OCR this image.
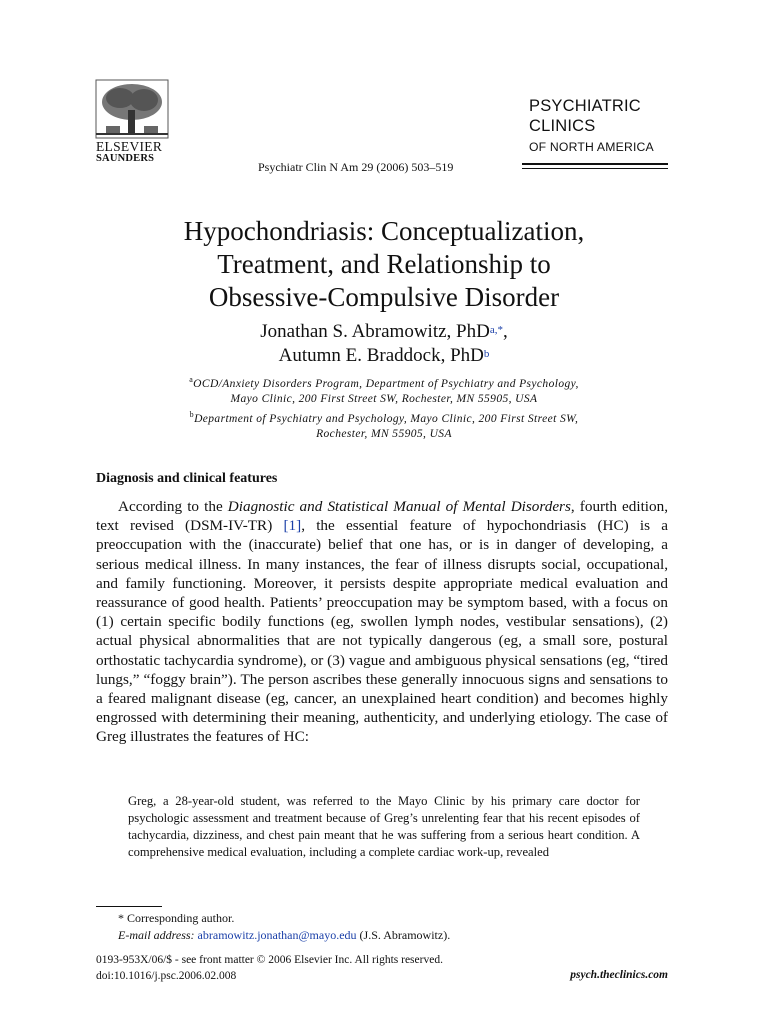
ELSEVIER
SAUNDERS
Psychiatr Clin N Am 29 (2006) 503–519
PSYCHIATRIC
CLINICS
OF NORTH AMERICA
Hypochondriasis: Conceptualization,
Treatment, and Relationship to
Obsessive-Compulsive Disorder
Jonathan S. Abramowitz, PhD$^{a,*}$,
Autumn E. Braddock, PhD$^b$
$^a$OCD/Anxiety Disorders Program, Department of Psychiatry and Psychology,
Mayo Clinic, 200 First Street SW, Rochester, MN 55905, USA
$^b$Department of Psychiatry and Psychology, Mayo Clinic, 200 First Street SW,
Rochester, MN 55905, USA
Diagnosis and clinical features
According to the Diagnostic and Statistical Manual of Mental Disorders, fourth edition, text revised (DSM-IV-TR) [1], the essential feature of hypochondriasis (HC) is a preoccupation with the (inaccurate) belief that one has, or is in danger of developing, a serious medical illness. In many instances, the fear of illness disrupts social, occupational, and family functioning. Moreover, it persists despite appropriate medical evaluation and reassurance of good health. Patients’ preoccupation may be symptom based, with a focus on (1) certain specific bodily functions (eg, swollen lymph nodes, vestibular sensations), (2) actual physical abnormalities that are not typically dangerous (eg, a small sore, postural orthostatic tachycardia syndrome), or (3) vague and ambiguous physical sensations (eg, “tired lungs,” “foggy brain”). The person ascribes these generally innocuous signs and sensations to a feared malignant disease (eg, cancer, an unexplained heart condition) and becomes highly engrossed with determining their meaning, authenticity, and underlying etiology. The case of Greg illustrates the features of HC:
Greg, a 28-year-old student, was referred to the Mayo Clinic by his primary care doctor for psychologic assessment and treatment because of Greg’s unrelenting fear that his recent episodes of tachycardia, dizziness, and chest pain meant that he was suffering from a serious heart condition. A comprehensive medical evaluation, including a complete cardiac work-up, revealed
* Corresponding author.
E-mail address: abramowitz.jonathan@mayo.edu (J.S. Abramowitz).
0193-953X/06/$ - see front matter © 2006 Elsevier Inc. All rights reserved.
doi:10.1016/j.psc.2006.02.008	psych.theclinics.com
